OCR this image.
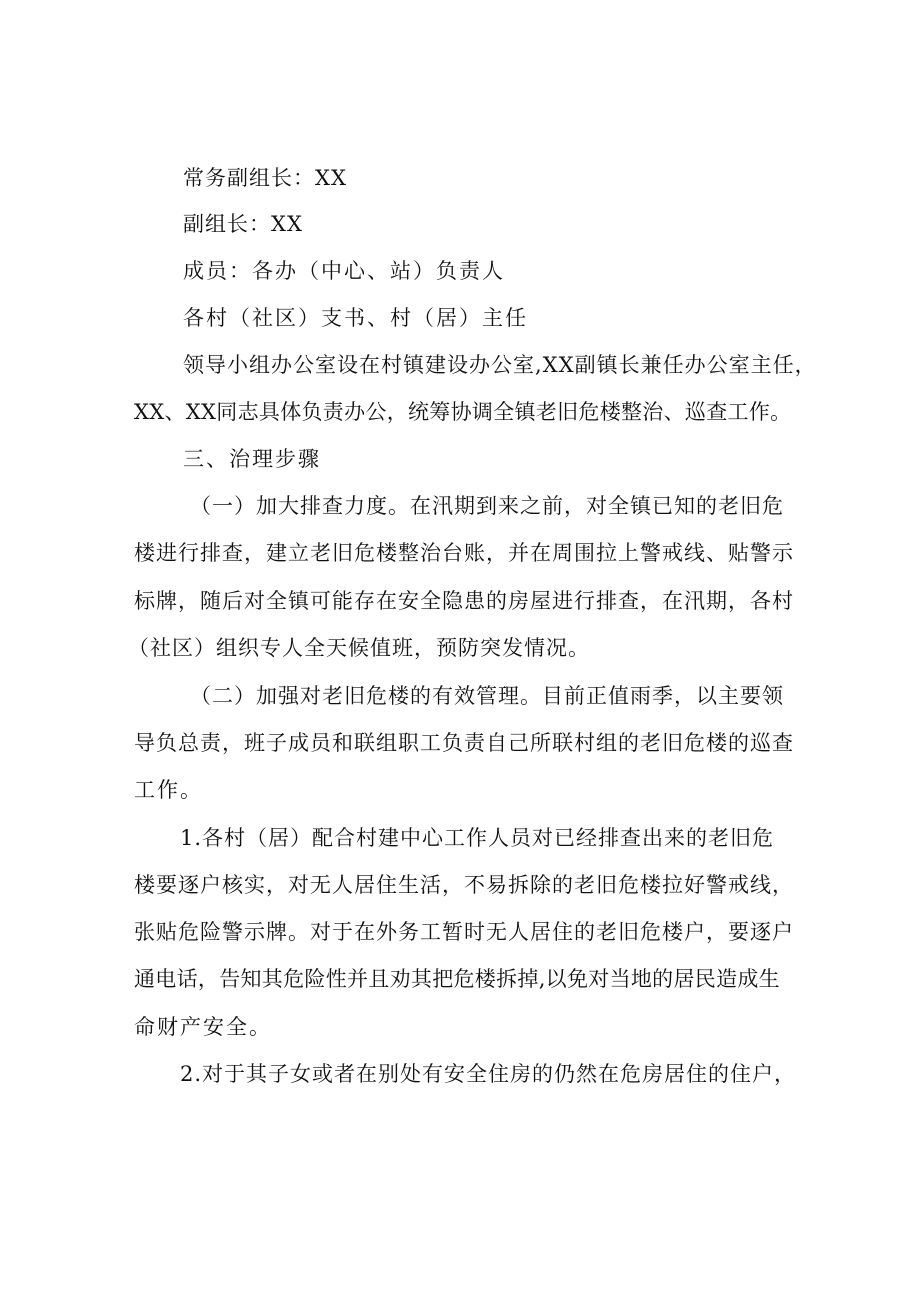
常务副组长：XX
副组长：XX
成员：各办（中心、站）负责人
各村（社区）支书、村（居）主任
领导小组办公室设在村镇建设办公室,XX副镇长兼任办公室主任，
XX、XX同志具体负责办公，统筹协调全镇老旧危楼整治、巡查工作。
三、治理步骤
（一）加大排查力度。在汛期到来之前，对全镇已知的老旧危
楼进行排查，建立老旧危楼整治台账，并在周围拉上警戒线、贴警示
标牌，随后对全镇可能存在安全隐患的房屋进行排查，在汛期，各村
（社区）组织专人全天候值班，预防突发情况。
（二）加强对老旧危楼的有效管理。目前正值雨季，以主要领
导负总责，班子成员和联组职工负责自己所联村组的老旧危楼的巡查
工作。
1.各村（居）配合村建中心工作人员对已经排查出来的老旧危
楼要逐户核实，对无人居住生活，不易拆除的老旧危楼拉好警戒线，
张贴危险警示牌。对于在外务工暂时无人居住的老旧危楼户，要逐户
通电话，告知其危险性并且劝其把危楼拆掉,以免对当地的居民造成生
命财产安全。
2.对于其子女或者在别处有安全住房的仍然在危房居住的住户，
